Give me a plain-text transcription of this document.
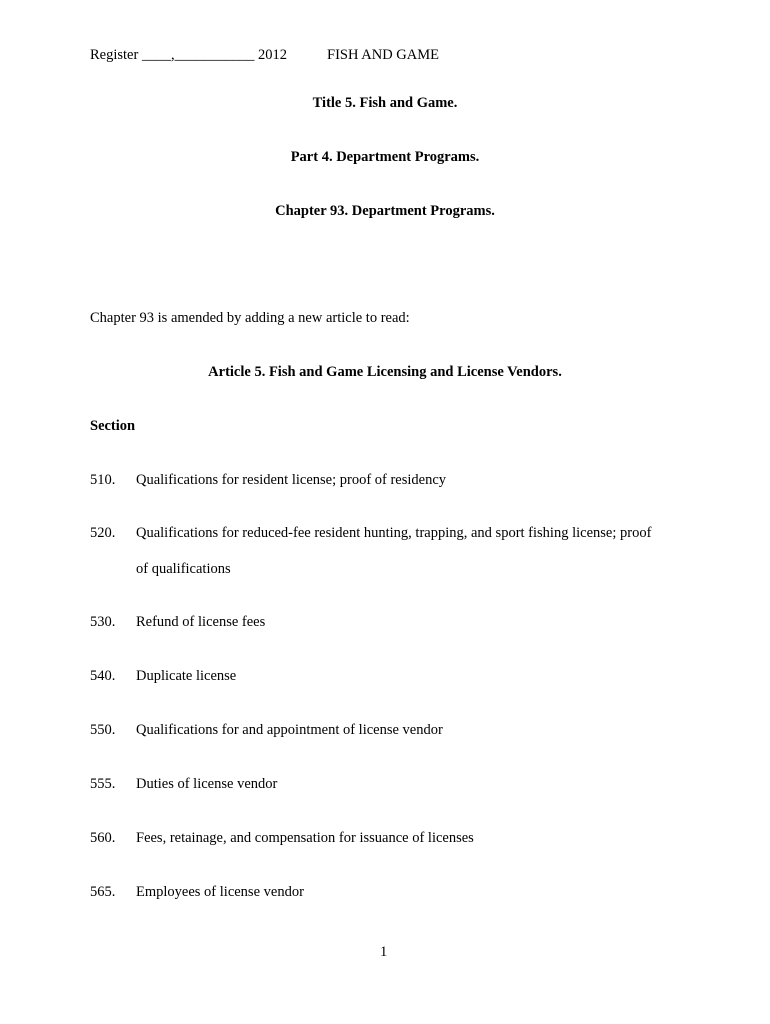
Register ____,___________ 2012	FISH AND GAME
Title 5. Fish and Game.
Part 4. Department Programs.
Chapter 93. Department Programs.
Chapter 93 is amended by adding a new article to read:
Article 5. Fish and Game Licensing and License Vendors.
Section
510. Qualifications for resident license; proof of residency
520. Qualifications for reduced-fee resident hunting, trapping, and sport fishing license; proof
of qualifications
530. Refund of license fees
540. Duplicate license
550. Qualifications for and appointment of license vendor
555. Duties of license vendor
560. Fees, retainage, and compensation for issuance of licenses
565. Employees of license vendor
1
